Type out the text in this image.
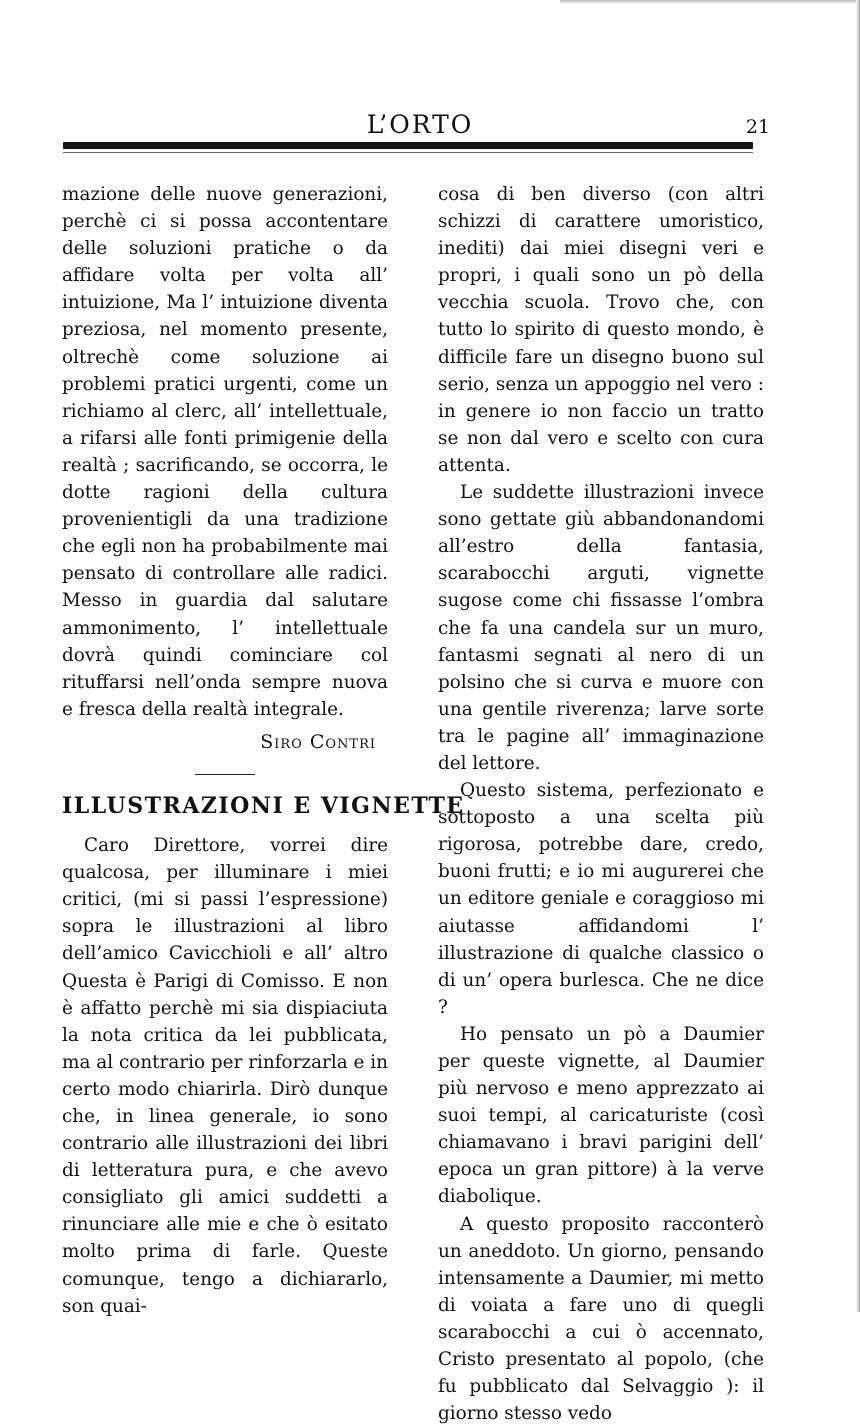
L’ORTO	21

mazione delle nuove generazioni, perchè ci si possa accontentare delle soluzioni pratiche o da affidare volta per volta all’ intuizione, Ma l’ intuizione diventa preziosa, nel momento presente, oltrechè come soluzione ai problemi pratici urgenti, come un richiamo al clerc, all’ intellettuale, a rifarsi alle fonti primigenie della realtà ; sacrificando, se occorra, le dotte ragioni della cultura provenientigli da una tradizione che egli non ha probabilmente mai pensato di controllare alle radici. Messo in guardia dal salutare ammonimento, l’ intellettuale dovrà quindi cominciare col rituffarsi nell’onda sempre nuova e fresca della realtà integrale.

Siro Contri

ILLUSTRAZIONI E VIGNETTE

Caro Direttore, vorrei dire qualcosa, per illuminare i miei critici, (mi si passi l’espressione) sopra le illustrazioni al libro dell’amico Cavicchioli e all’ altro Questa è Parigi di Comisso. E non è affatto perchè mi sia dispiaciuta la nota critica da lei pubblicata, ma al contrario per rinforzarla e in certo modo chiarirla. Dirò dunque che, in linea generale, io sono contrario alle illustrazioni dei libri di letteratura pura, e che avevo consigliato gli amici suddetti a rinunciare alle mie e che ò esitato molto prima di farle. Queste comunque, tengo a dichiararlo, son quai-

cosa di ben diverso (con altri schizzi di carattere umoristico, inediti) dai miei disegni veri e propri, i quali sono un pò della vecchia scuola. Trovo che, con tutto lo spirito di questo mondo, è difficile fare un disegno buono sul serio, senza un appoggio nel vero : in genere io non faccio un tratto se non dal vero e scelto con cura attenta.

Le suddette illustrazioni invece sono gettate giù abbandonandomi all’estro della fantasia, scarabocchi arguti, vignette sugose come chi fissasse l’ombra che fa una candela sur un muro, fantasmi segnati al nero di un polsino che si curva e muore con una gentile riverenza; larve sorte tra le pagine all’ immaginazione del lettore.

Questo sistema, perfezionato e sottoposto a una scelta più rigorosa, potrebbe dare, credo, buoni frutti; e io mi augurerei che un editore geniale e coraggioso mi aiutasse affidandomi l’ illustrazione di qualche classico o di un’ opera burlesca. Che ne dice ?

Ho pensato un pò a Daumier per queste vignette, al Daumier più nervoso e meno apprezzato ai suoi tempi, al caricaturiste (così chiamavano i bravi parigini dell’ epoca un gran pittore) à la verve diabolique.

A questo proposito racconterò un aneddoto. Un giorno, pensando intensamente a Daumier, mi metto di voiata a fare uno di quegli scarabocchi a cui ò accennato, Cristo presentato al popolo, (che fu pubblicato dal Selvaggio ): il giorno stesso vedo
